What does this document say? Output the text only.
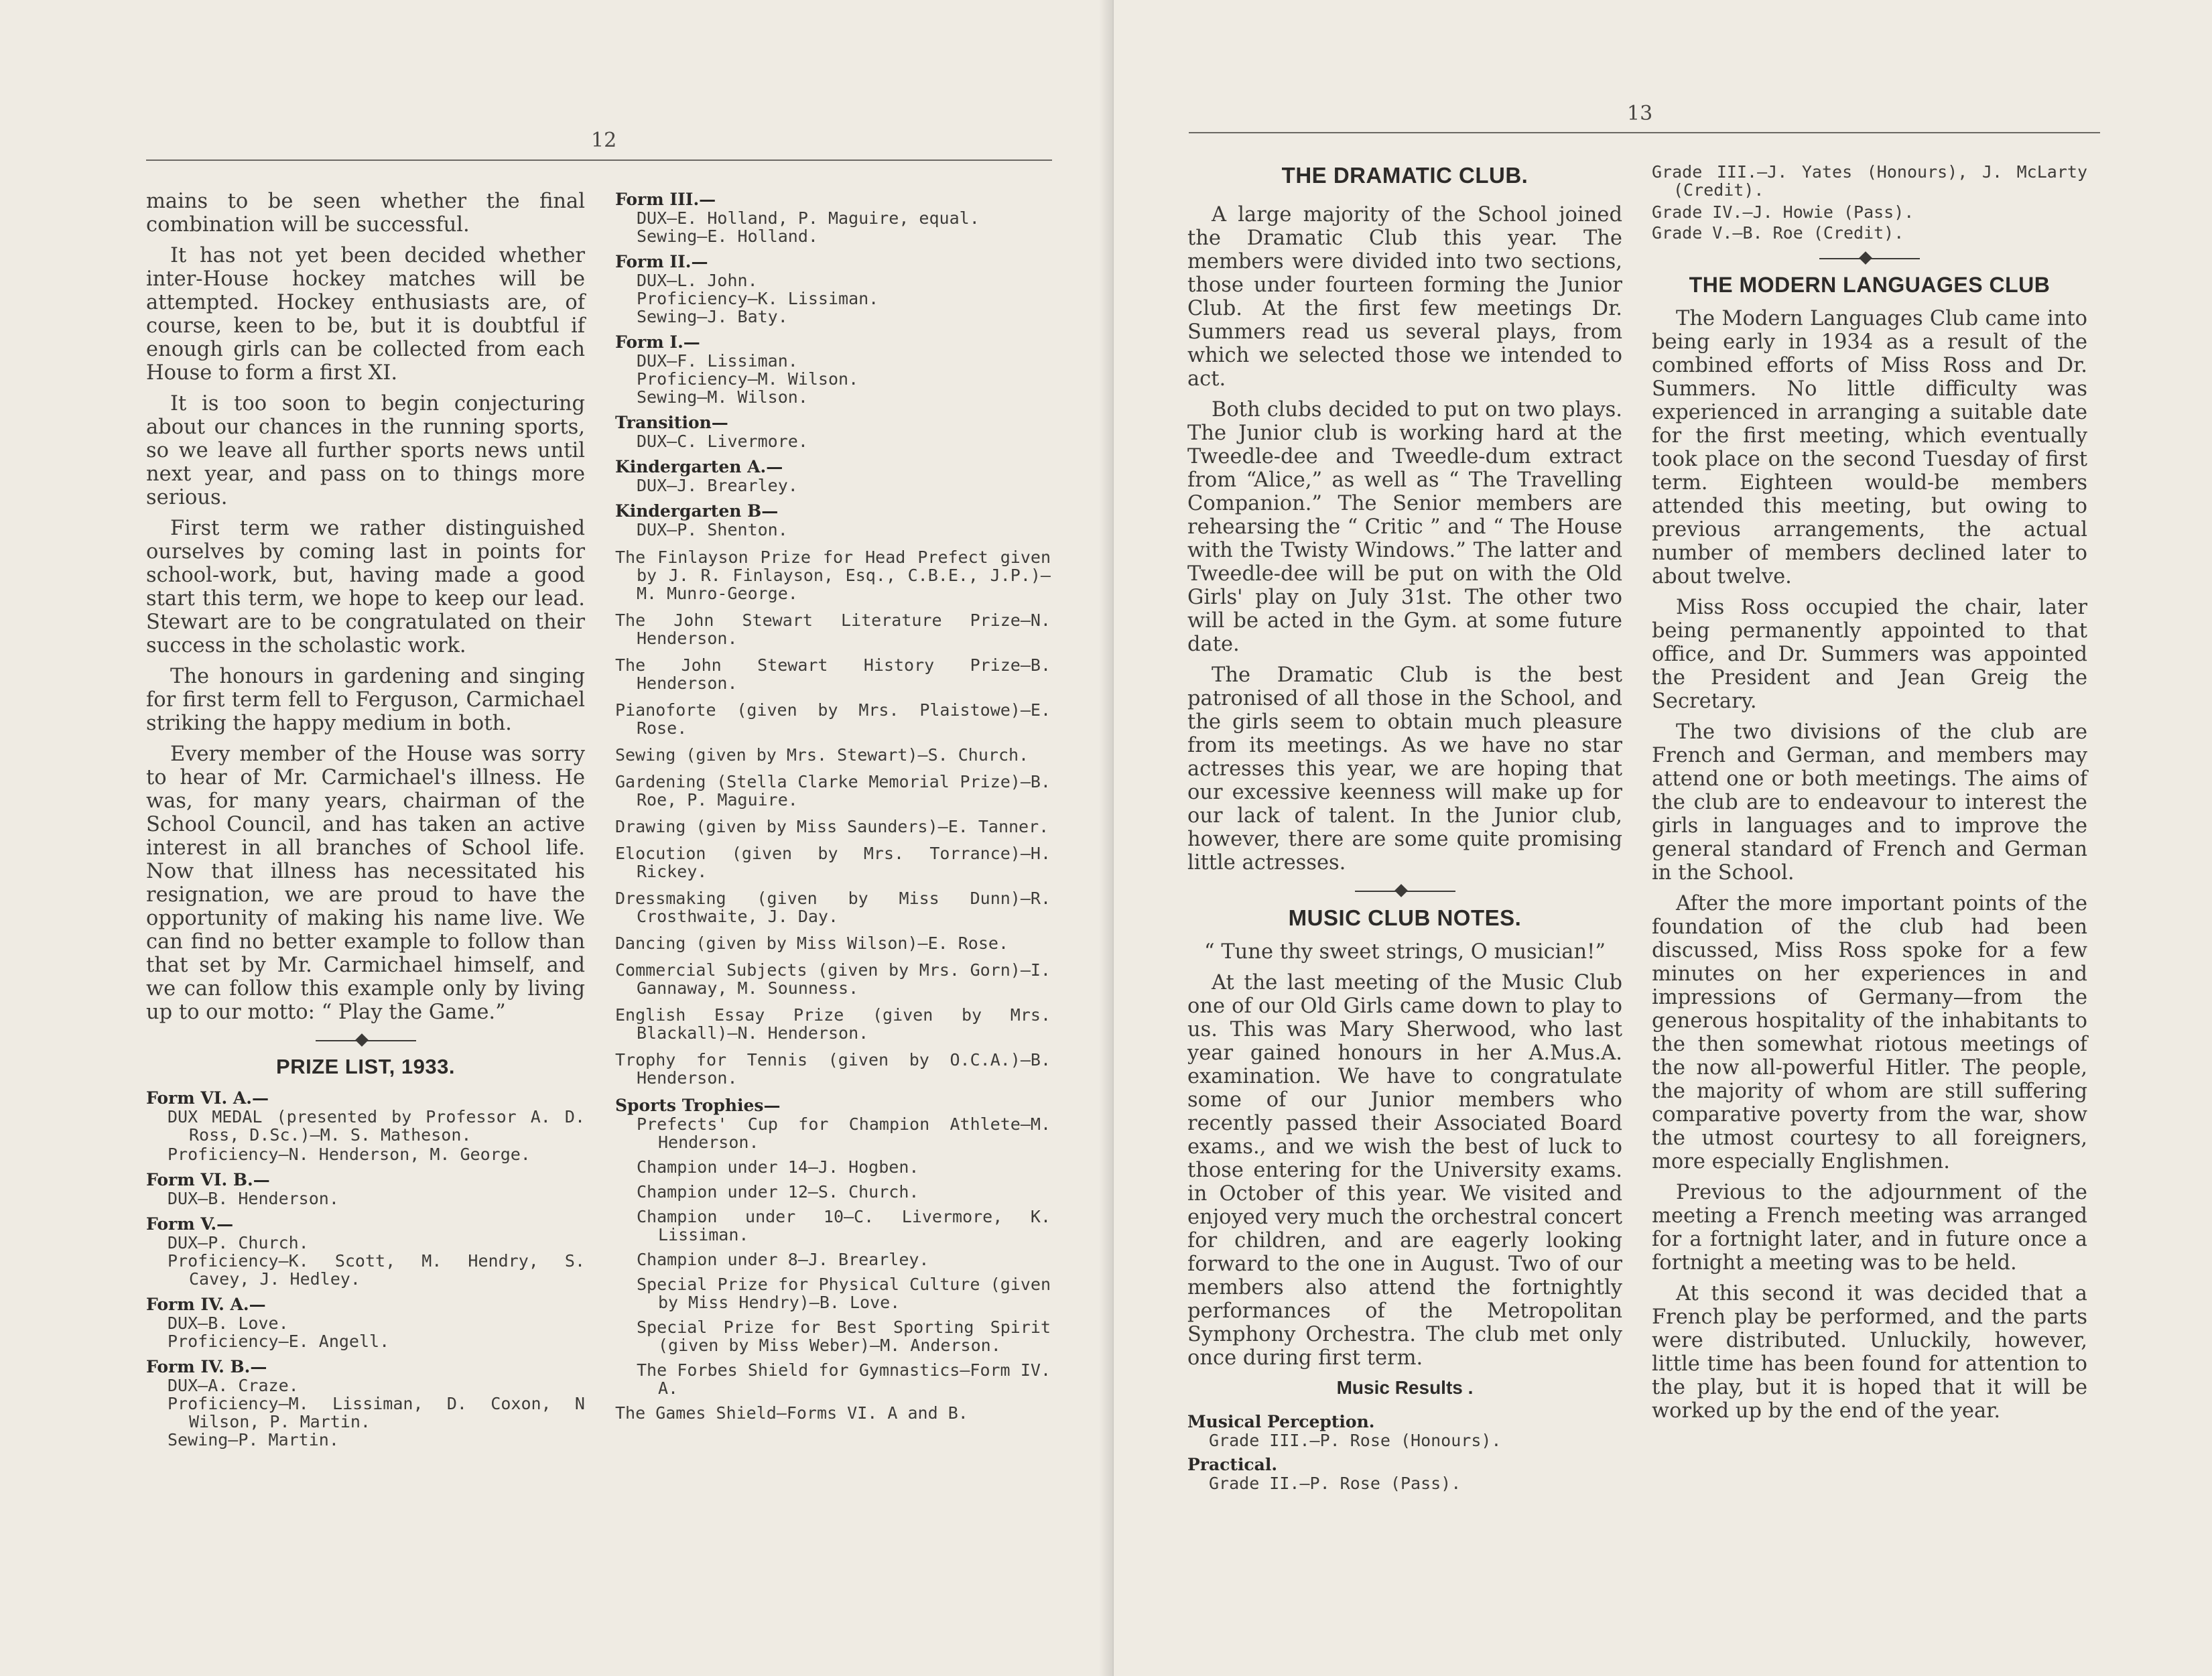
12

mains to be seen whether the final combination will be successful.

It has not yet been decided whether inter-House hockey matches will be attempted. Hockey enthusiasts are, of course, keen to be, but it is doubtful if enough girls can be collected from each House to form a first XI.

It is too soon to begin conjecturing about our chances in the running sports, so we leave all further sports news until next year, and pass on to things more serious.

First term we rather distinguished ourselves by coming last in points for school-work, but, having made a good start this term, we hope to keep our lead. Stewart are to be congratulated on their success in the scholastic work.

The honours in gardening and singing for first term fell to Ferguson, Carmichael striking the happy medium in both.

Every member of the House was sorry to hear of Mr. Carmichael's illness. He was, for many years, chairman of the School Council, and has taken an active interest in all branches of School life. Now that illness has necessitated his resignation, we are proud to have the opportunity of making his name live. We can find no better example to follow than that set by Mr. Carmichael himself, and we can follow this example only by living up to our motto: “ Play the Game.”

PRIZE LIST, 1933.
Form VI. A.—
DUX MEDAL (presented by Professor A. D. Ross, D.Sc.)—M. S. Matheson.
Proficiency—N. Henderson, M. George.
Form VI. B.—
DUX—B. Henderson.
Form V.—
DUX—P. Church.
Proficiency—K. Scott, M. Hendry, S. Cavey, J. Hedley.
Form IV. A.—
DUX—B. Love.
Proficiency—E. Angell.
Form IV. B.—
DUX—A. Craze.
Proficiency—M. Lissiman, D. Coxon, N Wilson, P. Martin.
Sewing—P. Martin.
Form III.—
DUX—E. Holland, P. Maguire, equal.
Sewing—E. Holland.
Form II.—
DUX—L. John.
Proficiency—K. Lissiman.
Sewing—J. Baty.
Form I.—
DUX—F. Lissiman.
Proficiency—M. Wilson.
Sewing—M. Wilson.
Transition—
DUX—C. Livermore.
Kindergarten A.—
DUX—J. Brearley.
Kindergarten B—
DUX—P. Shenton.
The Finlayson Prize for Head Prefect given by J. R. Finlayson, Esq., C.B.E., J.P.)—M. Munro-George.
The John Stewart Literature Prize—N. Henderson.
The John Stewart History Prize—B. Henderson.
Pianoforte (given by Mrs. Plaistowe)—E. Rose.
Sewing (given by Mrs. Stewart)—S. Church.
Gardening (Stella Clarke Memorial Prize)—B. Roe, P. Maguire.
Drawing (given by Miss Saunders)—E. Tanner.
Elocution (given by Mrs. Torrance)—H. Rickey.
Dressmaking (given by Miss Dunn)—R. Crosthwaite, J. Day.
Dancing (given by Miss Wilson)—E. Rose.
Commercial Subjects (given by Mrs. Gorn)—I. Gannaway, M. Sounness.
English Essay Prize (given by Mrs. Blackall)—N. Henderson.
Trophy for Tennis (given by O.C.A.)—B. Henderson.
Sports Trophies—
Prefects' Cup for Champion Athlete—M. Henderson.
Champion under 14—J. Hogben.
Champion under 12—S. Church.
Champion under 10—C. Livermore, K. Lissiman.
Champion under 8—J. Brearley.
Special Prize for Physical Culture (given by Miss Hendry)—B. Love.
Special Prize for Best Sporting Spirit (given by Miss Weber)—M. Anderson.
The Forbes Shield for Gymnastics—Form IV. A.
The Games Shield—Forms VI. A and B.
13
THE DRAMATIC CLUB.

A large majority of the School joined the Dramatic Club this year. The members were divided into two sections, those under fourteen forming the Junior Club. At the first few meetings Dr. Summers read us several plays, from which we selected those we intended to act.

Both clubs decided to put on two plays. The Junior club is working hard at the Tweedle-dee and Tweedle-dum extract from “Alice,” as well as “ The Travelling Companion.” The Senior members are rehearsing the “ Critic ” and “ The House with the Twisty Windows.” The latter and Tweedle-dee will be put on with the Old Girls' play on July 31st. The other two will be acted in the Gym. at some future date.

The Dramatic Club is the best patronised of all those in the School, and the girls seem to obtain much pleasure from its meetings. As we have no star actresses this year, we are hoping that our excessive keenness will make up for our lack of talent. In the Junior club, however, there are some quite promising little actresses.

MUSIC CLUB NOTES.

“ Tune thy sweet strings, O musician!”

At the last meeting of the Music Club one of our Old Girls came down to play to us. This was Mary Sherwood, who last year gained honours in her A.Mus.A. examination. We have to congratulate some of our Junior members who recently passed their Associated Board exams., and we wish the best of luck to those entering for the University exams. in October of this year. We visited and enjoyed very much the orchestral concert for children, and are eagerly looking forward to the one in August. Two of our members also attend the fortnightly performances of the Metropolitan Symphony Orchestra. The club met only once during first term.

Music Results .
Musical Perception.
Grade III.—P. Rose (Honours).
Practical.
Grade II.—P. Rose (Pass).
Grade III.—J. Yates (Honours), J. McLarty (Credit).
Grade IV.—J. Howie (Pass).
Grade V.—B. Roe (Credit).
THE MODERN LANGUAGES CLUB

The Modern Languages Club came into being early in 1934 as a result of the combined efforts of Miss Ross and Dr. Summers. No little difficulty was experienced in arranging a suitable date for the first meeting, which eventually took place on the second Tuesday of first term. Eighteen would-be members attended this meeting, but owing to previous arrangements, the actual number of members declined later to about twelve.

Miss Ross occupied the chair, later being permanently appointed to that office, and Dr. Summers was appointed the President and Jean Greig the Secretary.

The two divisions of the club are French and German, and members may attend one or both meetings. The aims of the club are to endeavour to interest the girls in languages and to improve the general standard of French and German in the School.

After the more important points of the foundation of the club had been discussed, Miss Ross spoke for a few minutes on her experiences in and impressions of Germany—from the generous hospitality of the inhabitants to the then somewhat riotous meetings of the now all-powerful Hitler. The people, the majority of whom are still suffering comparative poverty from the war, show the utmost courtesy to all foreigners, more especially Englishmen.

Previous to the adjournment of the meeting a French meeting was arranged for a fortnight later, and in future once a fortnight a meeting was to be held.

At this second it was decided that a French play be performed, and the parts were distributed. Unluckily, however, little time has been found for attention to the play, but it is hoped that it will be worked up by the end of the year.
